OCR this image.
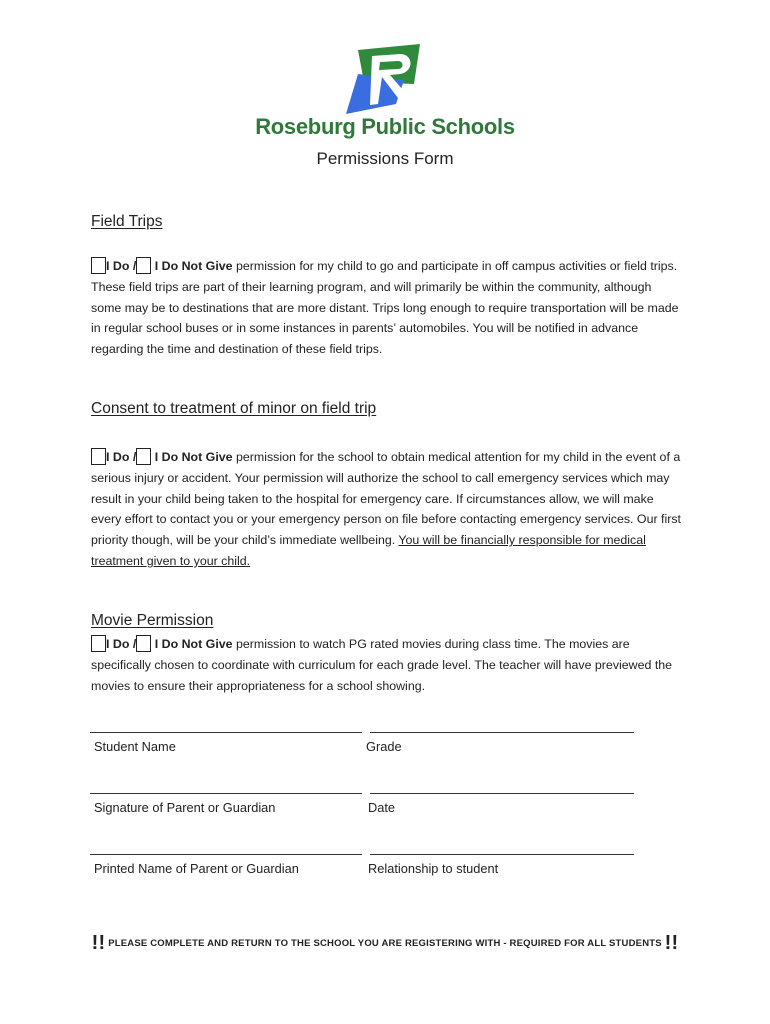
Roseburg Public Schools
Permissions Form
Field Trips
I Do / I Do Not Give permission for my child to go and participate in off campus activities or field trips. These field trips are part of their learning program, and will primarily be within the community, although some may be to destinations that are more distant. Trips long enough to require transportation will be made in regular school buses or in some instances in parents’ automobiles. You will be notified in advance regarding the time and destination of these field trips.
Consent to treatment of minor on field trip
I Do / I Do Not Give permission for the school to obtain medical attention for my child in the event of a serious injury or accident. Your permission will authorize the school to call emergency services which may result in your child being taken to the hospital for emergency care. If circumstances allow, we will make every effort to contact you or your emergency person on file before contacting emergency services. Our first priority though, will be your child’s immediate wellbeing. You will be financially responsible for medical treatment given to your child.
Movie Permission
I Do / I Do Not Give permission to watch PG rated movies during class time. The movies are specifically chosen to coordinate with curriculum for each grade level. The teacher will have previewed the movies to ensure their appropriateness for a school showing.
Student Name	Grade
Signature of Parent or Guardian	Date
Printed Name of Parent or Guardian	Relationship to student
!! PLEASE COMPLETE AND RETURN TO THE SCHOOL YOU ARE REGISTERING WITH - REQUIRED FOR ALL STUDENTS !!
